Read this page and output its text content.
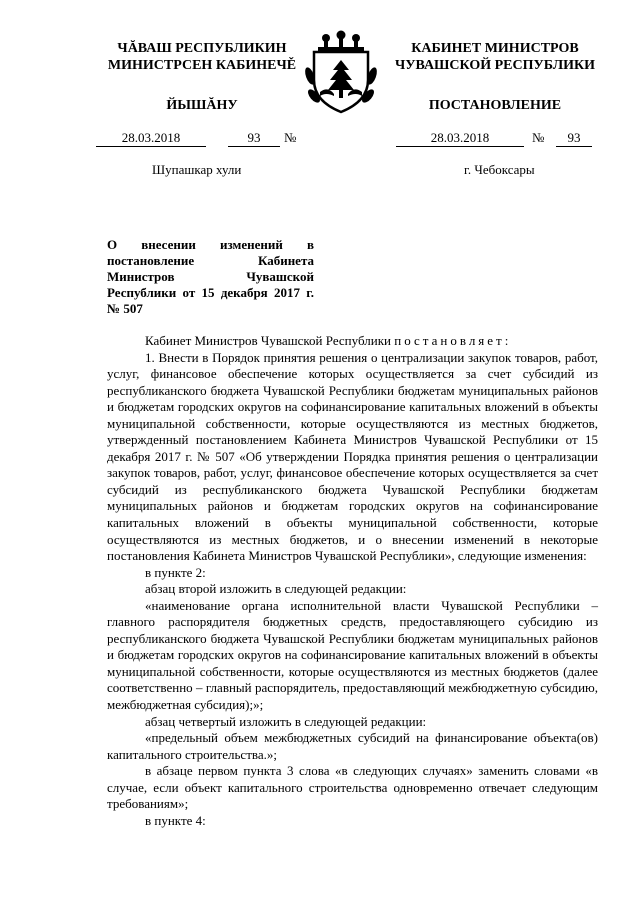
ЧĂВАШ РЕСПУБЛИКИН
МИНИСТРСЕН КАБИНЕЧĚ
ЙЫШĂНУ
КАБИНЕТ МИНИСТРОВ
ЧУВАШСКОЙ РЕСПУБЛИКИ
ПОСТАНОВЛЕНИЕ
28.03.2018	93	№	28.03.2018	№	93
Шупашкар хули	г. Чебоксары
О внесении изменений в постановление Кабинета Министров Чувашской Республики от 15 декабря 2017 г. № 507

Кабинет Министров Чувашской Республики постановляет:

1. Внести в Порядок принятия решения о централизации закупок товаров, работ, услуг, финансовое обеспечение которых осуществляется за счет субсидий из республиканского бюджета Чувашской Республики бюджетам муниципальных районов и бюджетам городских округов на софинансирование капитальных вложений в объекты муниципальной собственности, которые осуществляются из местных бюджетов, утвержденный постановлением Кабинета Министров Чувашской Республики от 15 декабря 2017 г. № 507 «Об утверждении Порядка принятия решения о централизации закупок товаров, работ, услуг, финансовое обеспечение которых осуществляется за счет субсидий из республиканского бюджета Чувашской Республики бюджетам муниципальных районов и бюджетам городских округов на софинансирование капитальных вложений в объекты муниципальной собственности, которые осуществляются из местных бюджетов, и о внесении изменений в некоторые постановления Кабинета Министров Чувашской Республики», следующие изменения:

в пункте 2:

абзац второй изложить в следующей редакции:

«наименование органа исполнительной власти Чувашской Республики – главного распорядителя бюджетных средств, предоставляющего субсидию из республиканского бюджета Чувашской Республики бюджетам муниципальных районов и бюджетам городских округов на софинансирование капитальных вложений в объекты муниципальной собственности, которые осуществляются из местных бюджетов (далее соответственно – главный распорядитель, предоставляющий межбюджетную субсидию, межбюджетная субсидия);»;

абзац четвертый изложить в следующей редакции:

«предельный объем межбюджетных субсидий на финансирование объекта(ов) капитального строительства.»;

в абзаце первом пункта 3 слова «в следующих случаях» заменить словами «в случае, если объект капитального строительства одновременно отвечает следующим требованиям»;

в пункте 4:
